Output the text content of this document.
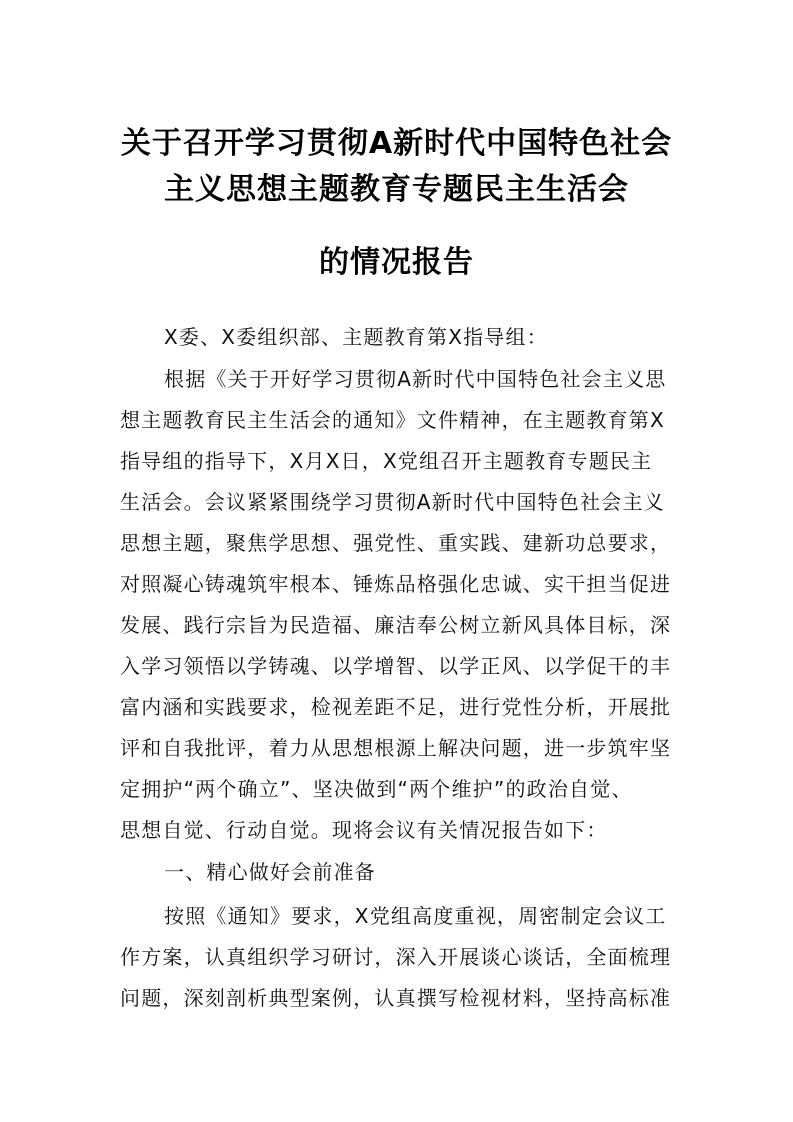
关于召开学习贯彻A新时代中国特色社会
主义思想主题教育专题民主生活会
的情况报告
X委、X委组织部、主题教育第X指导组：
根据《关于开好学习贯彻A新时代中国特色社会主义思
想主题教育民主生活会的通知》文件精神，在主题教育第X
指导组的指导下，X月X日，X党组召开主题教育专题民主
生活会。会议紧紧围绕学习贯彻A新时代中国特色社会主义
思想主题，聚焦学思想、强党性、重实践、建新功总要求，
对照凝心铸魂筑牢根本、锤炼品格强化忠诚、实干担当促进
发展、践行宗旨为民造福、廉洁奉公树立新风具体目标，深
入学习领悟以学铸魂、以学增智、以学正风、以学促干的丰
富内涵和实践要求，检视差距不足，进行党性分析，开展批
评和自我批评，着力从思想根源上解决问题，进一步筑牢坚
定拥护“两个确立”、坚决做到“两个维护”的政治自觉、
思想自觉、行动自觉。现将会议有关情况报告如下：
一、精心做好会前准备
按照《通知》要求，X党组高度重视，周密制定会议工
作方案，认真组织学习研讨，深入开展谈心谈话，全面梳理
问题，深刻剖析典型案例，认真撰写检视材料，坚持高标准
